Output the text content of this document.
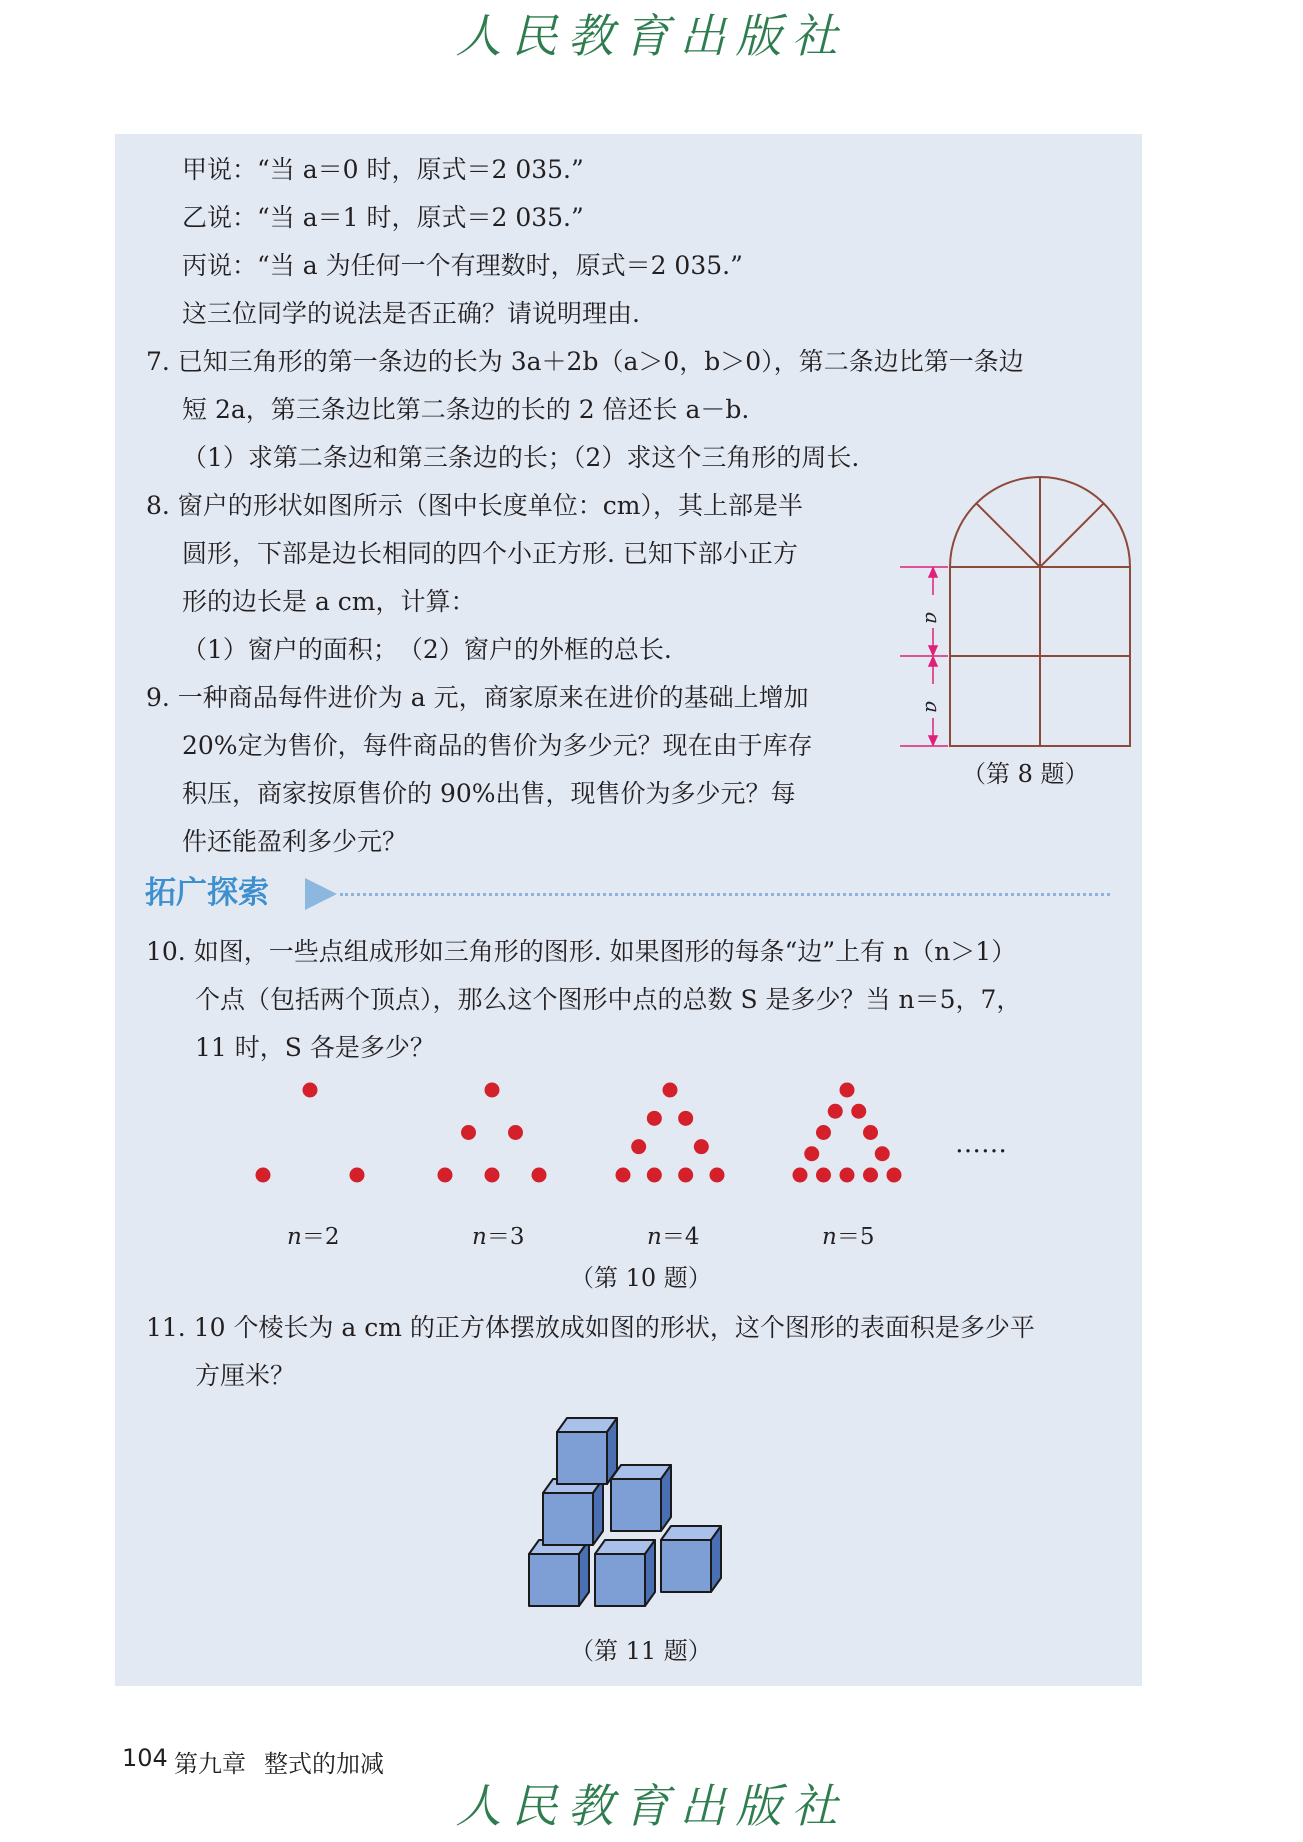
人民教育出版社
甲说：“当 a＝0 时，原式＝2 035.”
乙说：“当 a＝1 时，原式＝2 035.”
丙说：“当 a 为任何一个有理数时，原式＝2 035.”
这三位同学的说法是否正确？请说明理由.
7. 已知三角形的第一条边的长为 3a＋2b（a＞0，b＞0），第二条边比第一条边
短 2a，第三条边比第二条边的长的 2 倍还长 a－b.
（1）求第二条边和第三条边的长；（2）求这个三角形的周长.
8. 窗户的形状如图所示（图中长度单位：cm），其上部是半
圆形，下部是边长相同的四个小正方形. 已知下部小正方
形的边长是 a cm，计算：
（1）窗户的面积；　（2）窗户的外框的总长.
a
a
（第 8 题）
9. 一种商品每件进价为 a 元，商家原来在进价的基础上增加
20%定为售价，每件商品的售价为多少元？现在由于库存
积压，商家按原售价的 90%出售，现售价为多少元？每
件还能盈利多少元？
拓广探索
10. 如图，一些点组成形如三角形的图形. 如果图形的每条“边”上有 n（n＞1）
个点（包括两个顶点），那么这个图形中点的总数 S 是多少？当 n＝5，7，
11 时，S 各是多少？
……
n＝2	n＝3	n＝4	n＝5
（第 10 题）
11. 10 个棱长为 a cm 的正方体摆放成如图的形状，这个图形的表面积是多少平
方厘米？
（第 11 题）
104 第九章 整式的加减
人民教育出版社
